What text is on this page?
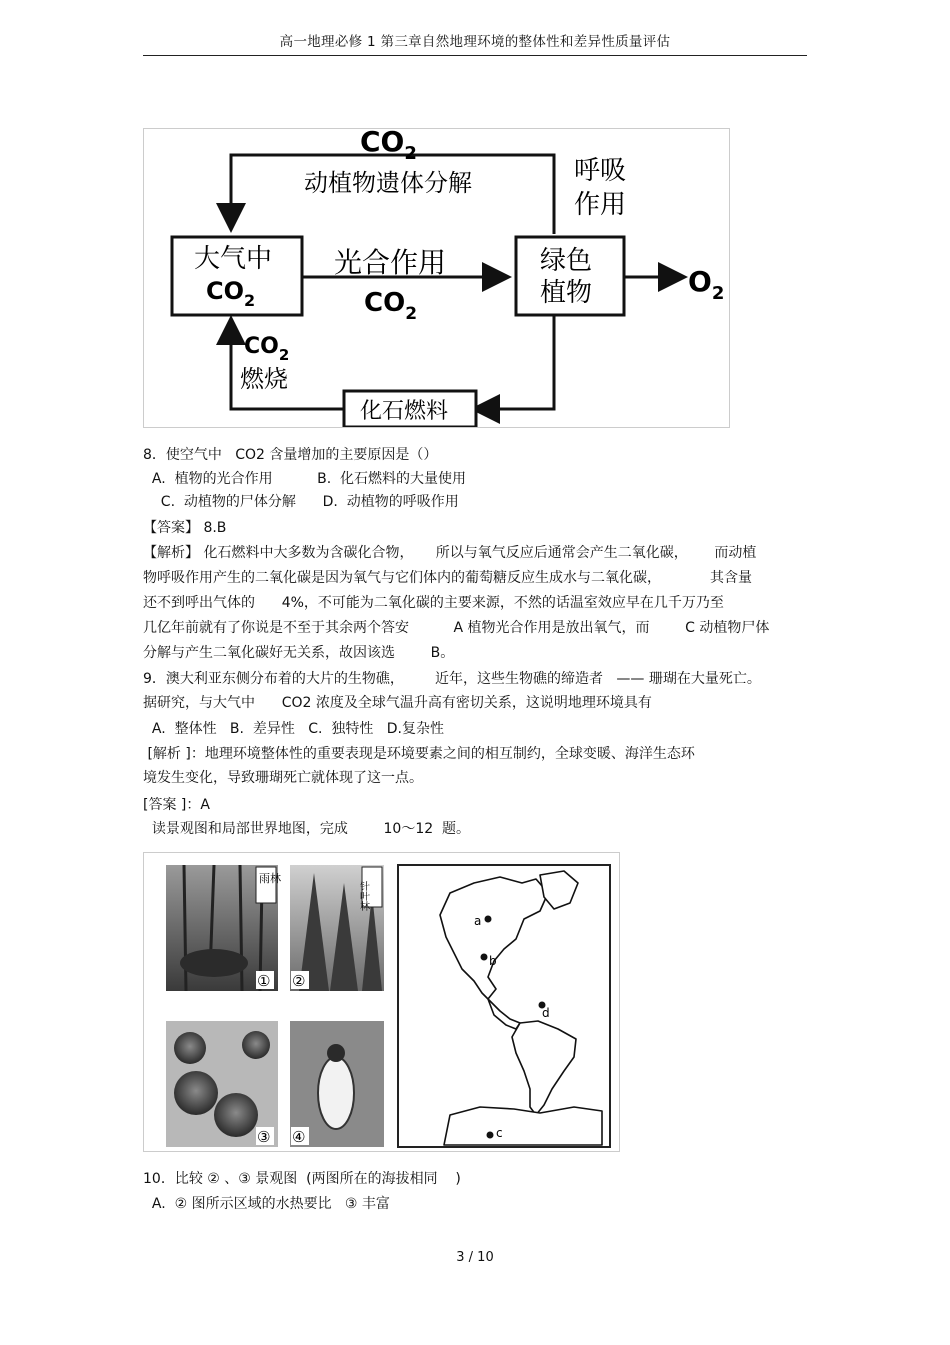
高一地理必修 1 第三章自然地理环境的整体性和差异性质量评估
$CO_2$
动植物遗体分解	呼吸
作用
大气中
$CO_2$
光合作用
$CO_2$
绿色
植物	$O_2$
$CO_2$
燃烧
化石燃料
8．使空气中   CO2 含量增加的主要原因是（）
A.  植物的光合作用          B.  化石燃料的大量使用
C.  动植物的尸体分解      D.  动植物的呼吸作用
【答案】 8.B
【解析】 化石燃料中大多数为含碳化合物，     所以与氧气反应后通常会产生二氧化碳，      而动植
物呼吸作用产生的二氧化碳是因为氧气与它们体内的葡萄糖反应生成水与二氧化碳，           其含量
还不到呼出气体的      4%，不可能为二氧化碳的主要来源，不然的话温室效应早在几千万乃至
几亿年前就有了你说是不至于其余两个答安          A 植物光合作用是放出氧气，而        C 动植物尸体
分解与产生二氧化碳好无关系，故因该选        B。
9．澳大利亚东侧分布着的大片的生物礁，       近年，这些生物礁的缔造者   —— 珊瑚在大量死亡。
据研究，与大气中      CO2 浓度及全球气温升高有密切关系，这说明地理环境具有
A.  整体性   B.  差异性   C.  独特性   D.复杂性
[解析 ]：地理环境整体性的重要表现是环境要素之间的相互制约，全球变暖、海洋生态环
境发生变化，导致珊瑚死亡就体现了这一点。
[答案 ]：A
读景观图和局部世界地图，完成        10～12  题。
雨林
①
针叶林
②
③ ④
a
b
d
c
10．比较 ② 、③ 景观图  (两图所在的海拔相同    )
A.  ② 图所示区域的水热要比   ③ 丰富
3 / 10
